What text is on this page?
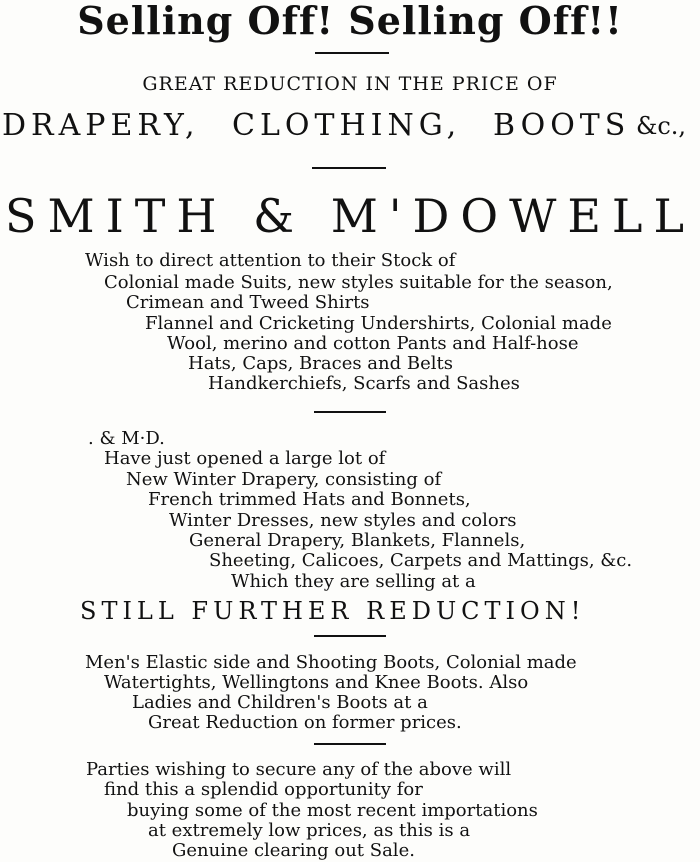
Selling Off! Selling Off!!
GREAT REDUCTION IN THE PRICE OF
DRAPERY, CLOTHING, BOOTS &c.,
SMITH & M'DOWELL
Wish to direct attention to their Stock of
Colonial made Suits, new styles suitable for the season,
Crimean and Tweed Shirts
Flannel and Cricketing Undershirts, Colonial made
Wool, merino and cotton Pants and Half-hose
Hats, Caps, Braces and Belts
Handkerchiefs, Scarfs and Sashes
. & M·D.
Have just opened a large lot of
New Winter Drapery, consisting of
French trimmed Hats and Bonnets,
Winter Dresses, new styles and colors
General Drapery, Blankets, Flannels,
Sheeting, Calicoes, Carpets and Mattings, &c.
Which they are selling at a
STILL FURTHER REDUCTION!
Men's Elastic side and Shooting Boots, Colonial made
Watertights, Wellingtons and Knee Boots. Also
Ladies and Children's Boots at a
Great Reduction on former prices.
Parties wishing to secure any of the above will
find this a splendid opportunity for
buying some of the most recent importations
at extremely low prices, as this is a
Genuine clearing out Sale.
